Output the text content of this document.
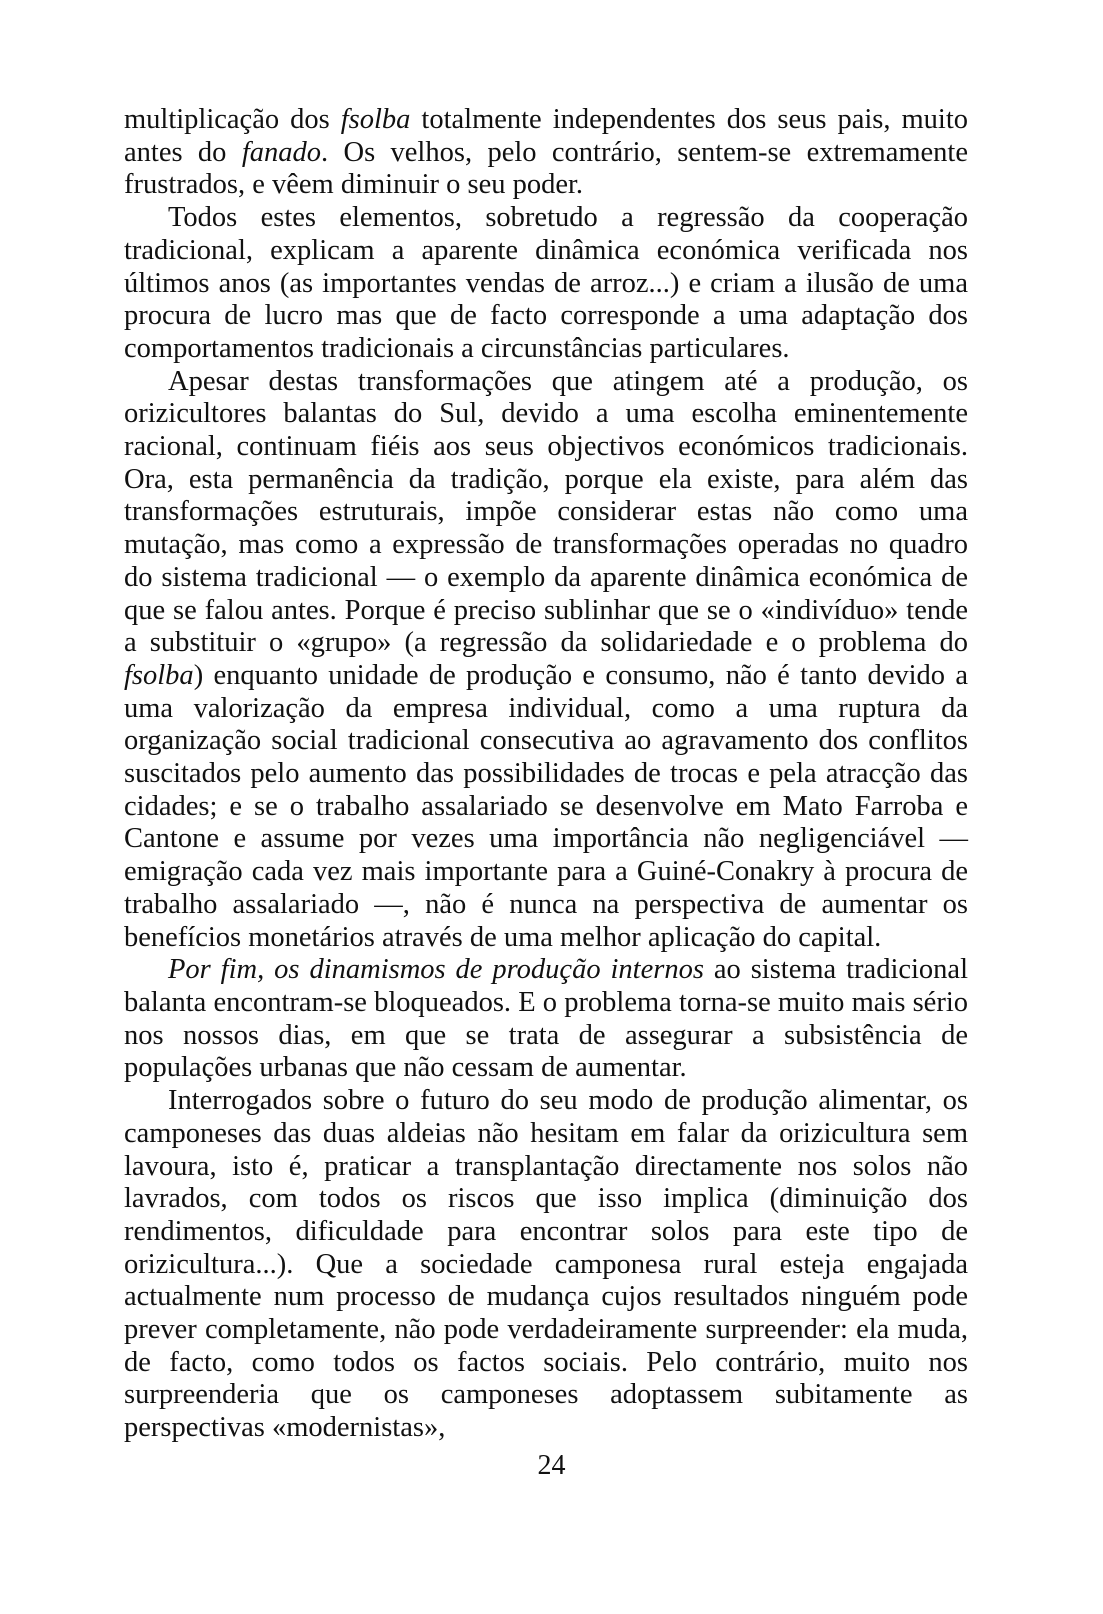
multiplicação dos fsolba totalmente independentes dos seus pais, muito antes do fanado. Os velhos, pelo contrário, sentem-se extremamente frustrados, e vêem diminuir o seu poder.

Todos estes elementos, sobretudo a regressão da cooperação tradicional, explicam a aparente dinâmica económica verificada nos últimos anos (as importantes vendas de arroz...) e criam a ilusão de uma procura de lucro mas que de facto corresponde a uma adaptação dos comportamentos tradicionais a circunstâncias particulares.

Apesar destas transformações que atingem até a produção, os orizicultores balantas do Sul, devido a uma escolha eminentemente racional, continuam fiéis aos seus objectivos económicos tradicionais. Ora, esta permanência da tradição, porque ela existe, para além das transformações estruturais, impõe considerar estas não como uma mutação, mas como a expressão de transformações operadas no quadro do sistema tradicional — o exemplo da aparente dinâmica económica de que se falou antes. Porque é preciso sublinhar que se o «indivíduo» tende a substituir o «grupo» (a regressão da solidariedade e o problema do fsolba) enquanto unidade de produção e consumo, não é tanto devido a uma valorização da empresa individual, como a uma ruptura da organização social tradicional consecutiva ao agravamento dos conflitos suscitados pelo aumento das possibilidades de trocas e pela atracção das cidades; e se o trabalho assalariado se desenvolve em Mato Farroba e Cantone e assume por vezes uma importância não negligenciável — emigração cada vez mais importante para a Guiné-Conakry à procura de trabalho assalariado —, não é nunca na perspectiva de aumentar os benefícios monetários através de uma melhor aplicação do capital.

Por fim, os dinamismos de produção internos ao sistema tradicional balanta encontram-se bloqueados. E o problema torna-se muito mais sério nos nossos dias, em que se trata de assegurar a subsistência de populações urbanas que não cessam de aumentar.

Interrogados sobre o futuro do seu modo de produção alimentar, os camponeses das duas aldeias não hesitam em falar da orizicultura sem lavoura, isto é, praticar a transplantação directamente nos solos não lavrados, com todos os riscos que isso implica (diminuição dos rendimentos, dificuldade para encontrar solos para este tipo de orizicultura...). Que a sociedade camponesa rural esteja engajada actualmente num processo de mudança cujos resultados ninguém pode prever completamente, não pode verdadeiramente surpreender: ela muda, de facto, como todos os factos sociais. Pelo contrário, muito nos surpreenderia que os camponeses adoptassem subitamente as perspectivas «modernistas»,

24
